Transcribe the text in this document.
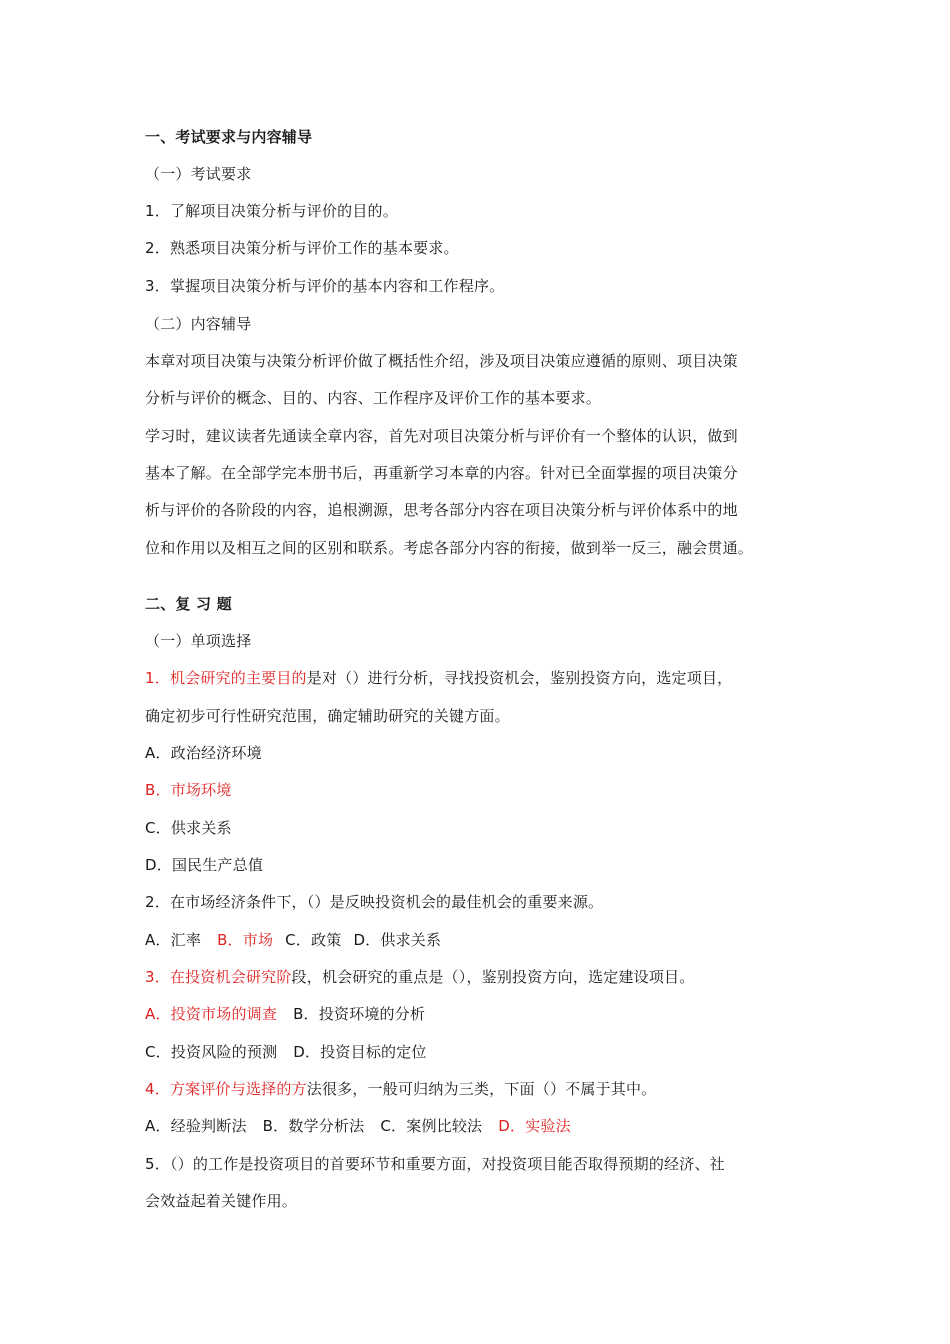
一、考试要求与内容辅导
（一）考试要求
1．了解项目决策分析与评价的目的。
2．熟悉项目决策分析与评价工作的基本要求。
3．掌握项目决策分析与评价的基本内容和工作程序。
（二）内容辅导
本章对项目决策与决策分析评价做了概括性介绍，涉及项目决策应遵循的原则、项目决策
分析与评价的概念、目的、内容、工作程序及评价工作的基本要求。
学习时，建议读者先通读全章内容，首先对项目决策分析与评价有一个整体的认识，做到
基本了解。在全部学完本册书后，再重新学习本章的内容。针对已全面掌握的项目决策分
析与评价的各阶段的内容，追根溯源，思考各部分内容在项目决策分析与评价体系中的地
位和作用以及相互之间的区别和联系。考虑各部分内容的衔接，做到举一反三，融会贯通。
二、复 习 题
（一）单项选择
1．机会研究的主要目的是对（）进行分析，寻找投资机会，鉴别投资方向，选定项目，
确定初步可行性研究范围，确定辅助研究的关键方面。
A．政治经济环境
B．市场环境
C．供求关系
D．国民生产总值
2．在市场经济条件下，（）是反映投资机会的最佳机会的重要来源。
A．汇率 B．市场 C．政策 D．供求关系
3．在投资机会研究阶段，机会研究的重点是（），鉴别投资方向，选定建设项目。
A．投资市场的调查 B．投资环境的分析
C．投资风险的预测 D．投资目标的定位
4．方案评价与选择的方法很多，一般可归纳为三类，下面（）不属于其中。
A．经验判断法 B．数学分析法 C．案例比较法 D．实验法
5．（）的工作是投资项目的首要环节和重要方面，对投资项目能否取得预期的经济、社
会效益起着关键作用。
